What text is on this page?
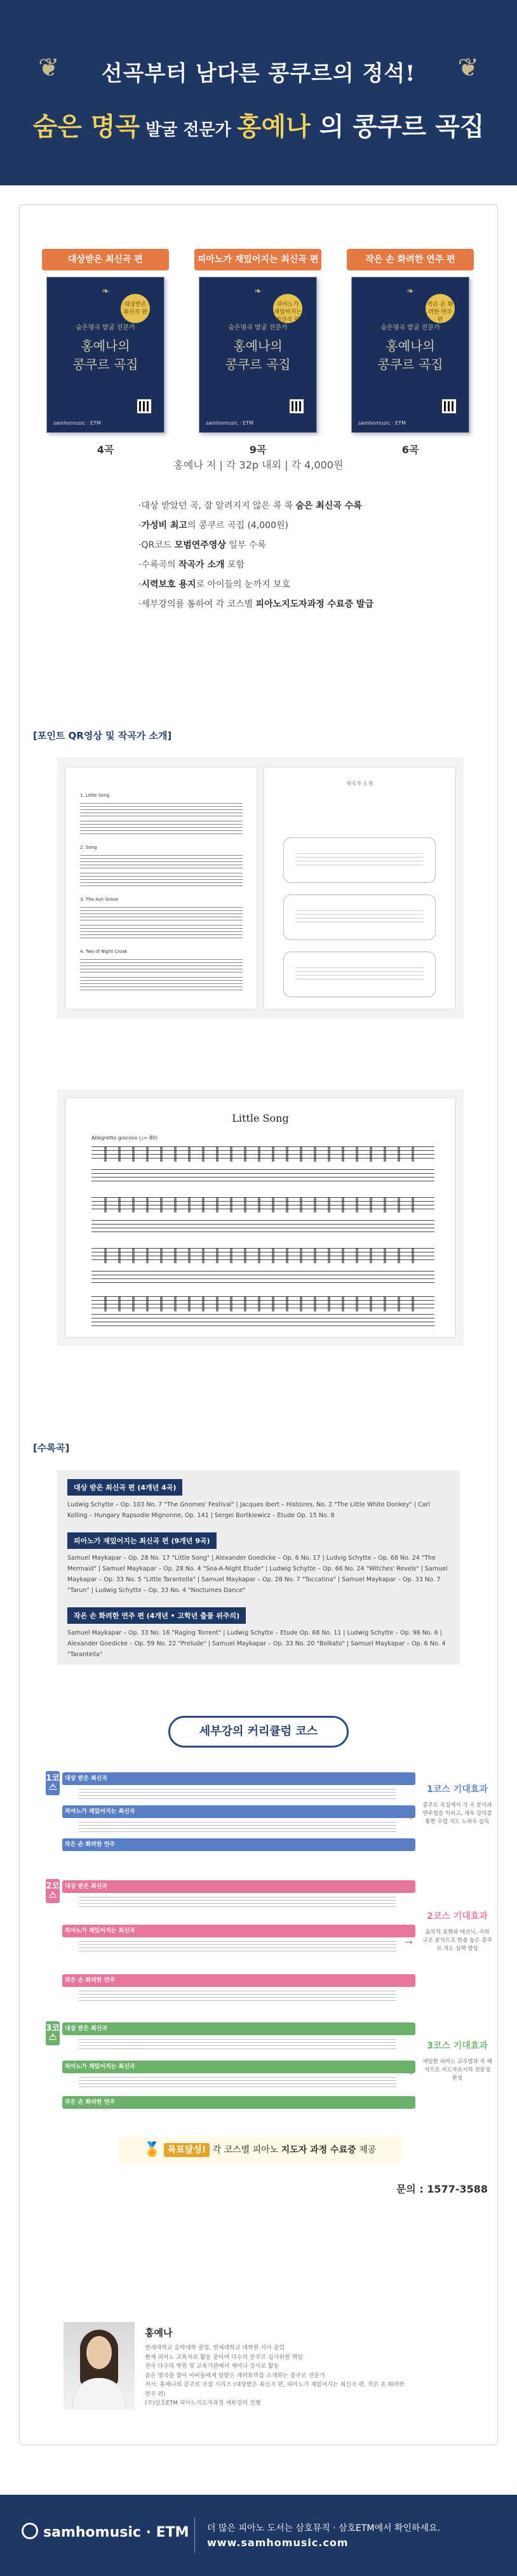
❦	선곡부터 남다른 콩쿠르의 정석!	❦
숨은 명곡 발굴 전문가 홍예나 의 콩쿠르 곡집
대상받은 최신곡 편
❧
대상받은 최신곡 편
숨은명곡 발굴 전문가
홍예나의
콩쿠르 곡집
samhomusic · ETM
4곡
피아노가 재밌어지는 최신곡 편
❧
피아노가 재밌어지는 최신곡 편
숨은명곡 발굴 전문가
홍예나의
콩쿠르 곡집
samhomusic · ETM
9곡
작은 손 화려한 연주 편
❧
작은 손 화려한 연주 편
숨은명곡 발굴 전문가
홍예나의
콩쿠르 곡집
samhomusic · ETM
6곡
홍예나 저 | 각 32p 내외 | 각 4,000원
·대상 받았던 곡, 잘 알려지지 않은 콕 콕 숨은 최신곡 수록
·가성비 최고의 콩쿠르 곡집 (4,000원)
·QR코드 모범연주영상 일부 수록
·수록곡의 작곡가 소개 포함
·시력보호 용지로 아이들의 눈까지 보호
·세부강의를 통하여 각 코스별 피아노지도자과정 수료증 발급
[포인트 QR영상 및 작곡가 소개]
1. Little Song
2. Song
3. The Ash Grove
4. Two of Night Croak
작곡가 소개
Little Song
Allegretto giocoso (♩= 80)
[수록곡]
대상 받은 최신곡 편 (4개년 4곡)
Ludwig Schytte – Op. 103 No. 7 "The Gnomes' Festival" | Jacques Ibert – Histoires, No. 2 "The Little White Donkey" | Carl Kolling – Hungary Rapsodie Mignonne, Op. 141 | Sergei Bortkiewicz – Etude Op. 15 No. 8
피아노가 재밌어지는 최신곡 편 (9개년 9곡)
Samuel Maykapar – Op. 28 No. 17 "Little Song" | Alexander Goedicke – Op. 6 No. 17 | Ludvig Schytte – Op. 68 No. 24 "The Mermaid" | Samuel Maykapar – Op. 28 No. 4 "Sea-A-Night Etude" | Ludwig Schytte – Op. 66 No. 24 "Witches' Revels" | Samuel Maykapar – Op. 33 No. 5 "Little Tarantella" | Samuel Maykapar – Op. 28 No. 7 "Toccatina" | Samuel Maykapar – Op. 33 No. 7 "Tarun" | Ludwig Schytte – Op. 33 No. 4 "Nocturnes Dance"
작은 손 화려한 연주 편 (4개년 • 고학년 출품 위주의)
Samuel Maykapar – Op. 33 No. 16 "Raging Torrent" | Ludwig Schytte – Etude Op. 68 No. 11 | Ludwig Schytte – Op. 96 No. 6 | Alexander Goedicke – Op. 59 No. 22 "Prelude" | Samuel Maykapar – Op. 33 No. 20 "Bolkato" | Samuel Maykapar – Op. 6 No. 4 "Tarantella"
세부강의 커리큘럼 코스
1코스
대상 받은 최신곡
피아노가 재밌어지는 최신곡
작은 손 화려한 연주
→
1코스 기대효과
콩쿠르 곡집에서 각 곡 분석과 연주법을 익히고, 세부 강의를 통한 수업 지도 노하우 습득
2코스
대상 받은 최신곡
피아노가 재밌어지는 최신곡
작은 손 화려한 연주
→
2코스 기대효과
음악적 표현과 테크닉, 곡의 구조 분석으로 한층 높은 콩쿠르 지도 실력 향상
3코스
대상 받은 최신곡
피아노가 재밌어지는 최신곡
작은 손 화려한 연주
→
3코스 기대효과
세밀한 피아노 교수법과 곡 해석으로 지도자로서의 전문성 완성
🏅 목표달성! 각 코스별 피아노 지도자 과정 수료증 제공
문의 : 1577-3588
홍예나
연세대학교 음악대학 졸업, 연세대학교 대학원 석사 졸업
현재 피아노 교육자로 활동 중이며 다수의 콩쿠르 심사위원 역임
전국 다수의 학원 및 교육기관에서 세미나 강사로 활동
숨은 명곡을 찾아 아이들에게 알맞은 레퍼토리를 소개하는 콩쿠르 전문가
저서: 홍예나의 콩쿠르 곡집 시리즈 (대상받은 최신곡 편, 피아노가 재밌어지는 최신곡 편, 작은 손 화려한 연주 편)
(주)삼호ETM 피아노지도자과정 세부강의 진행
samhomusic · ETM 더 많은 피아노 도서는 삼호뮤직 · 삼호ETM에서 확인하세요.
www.samhomusic.com
